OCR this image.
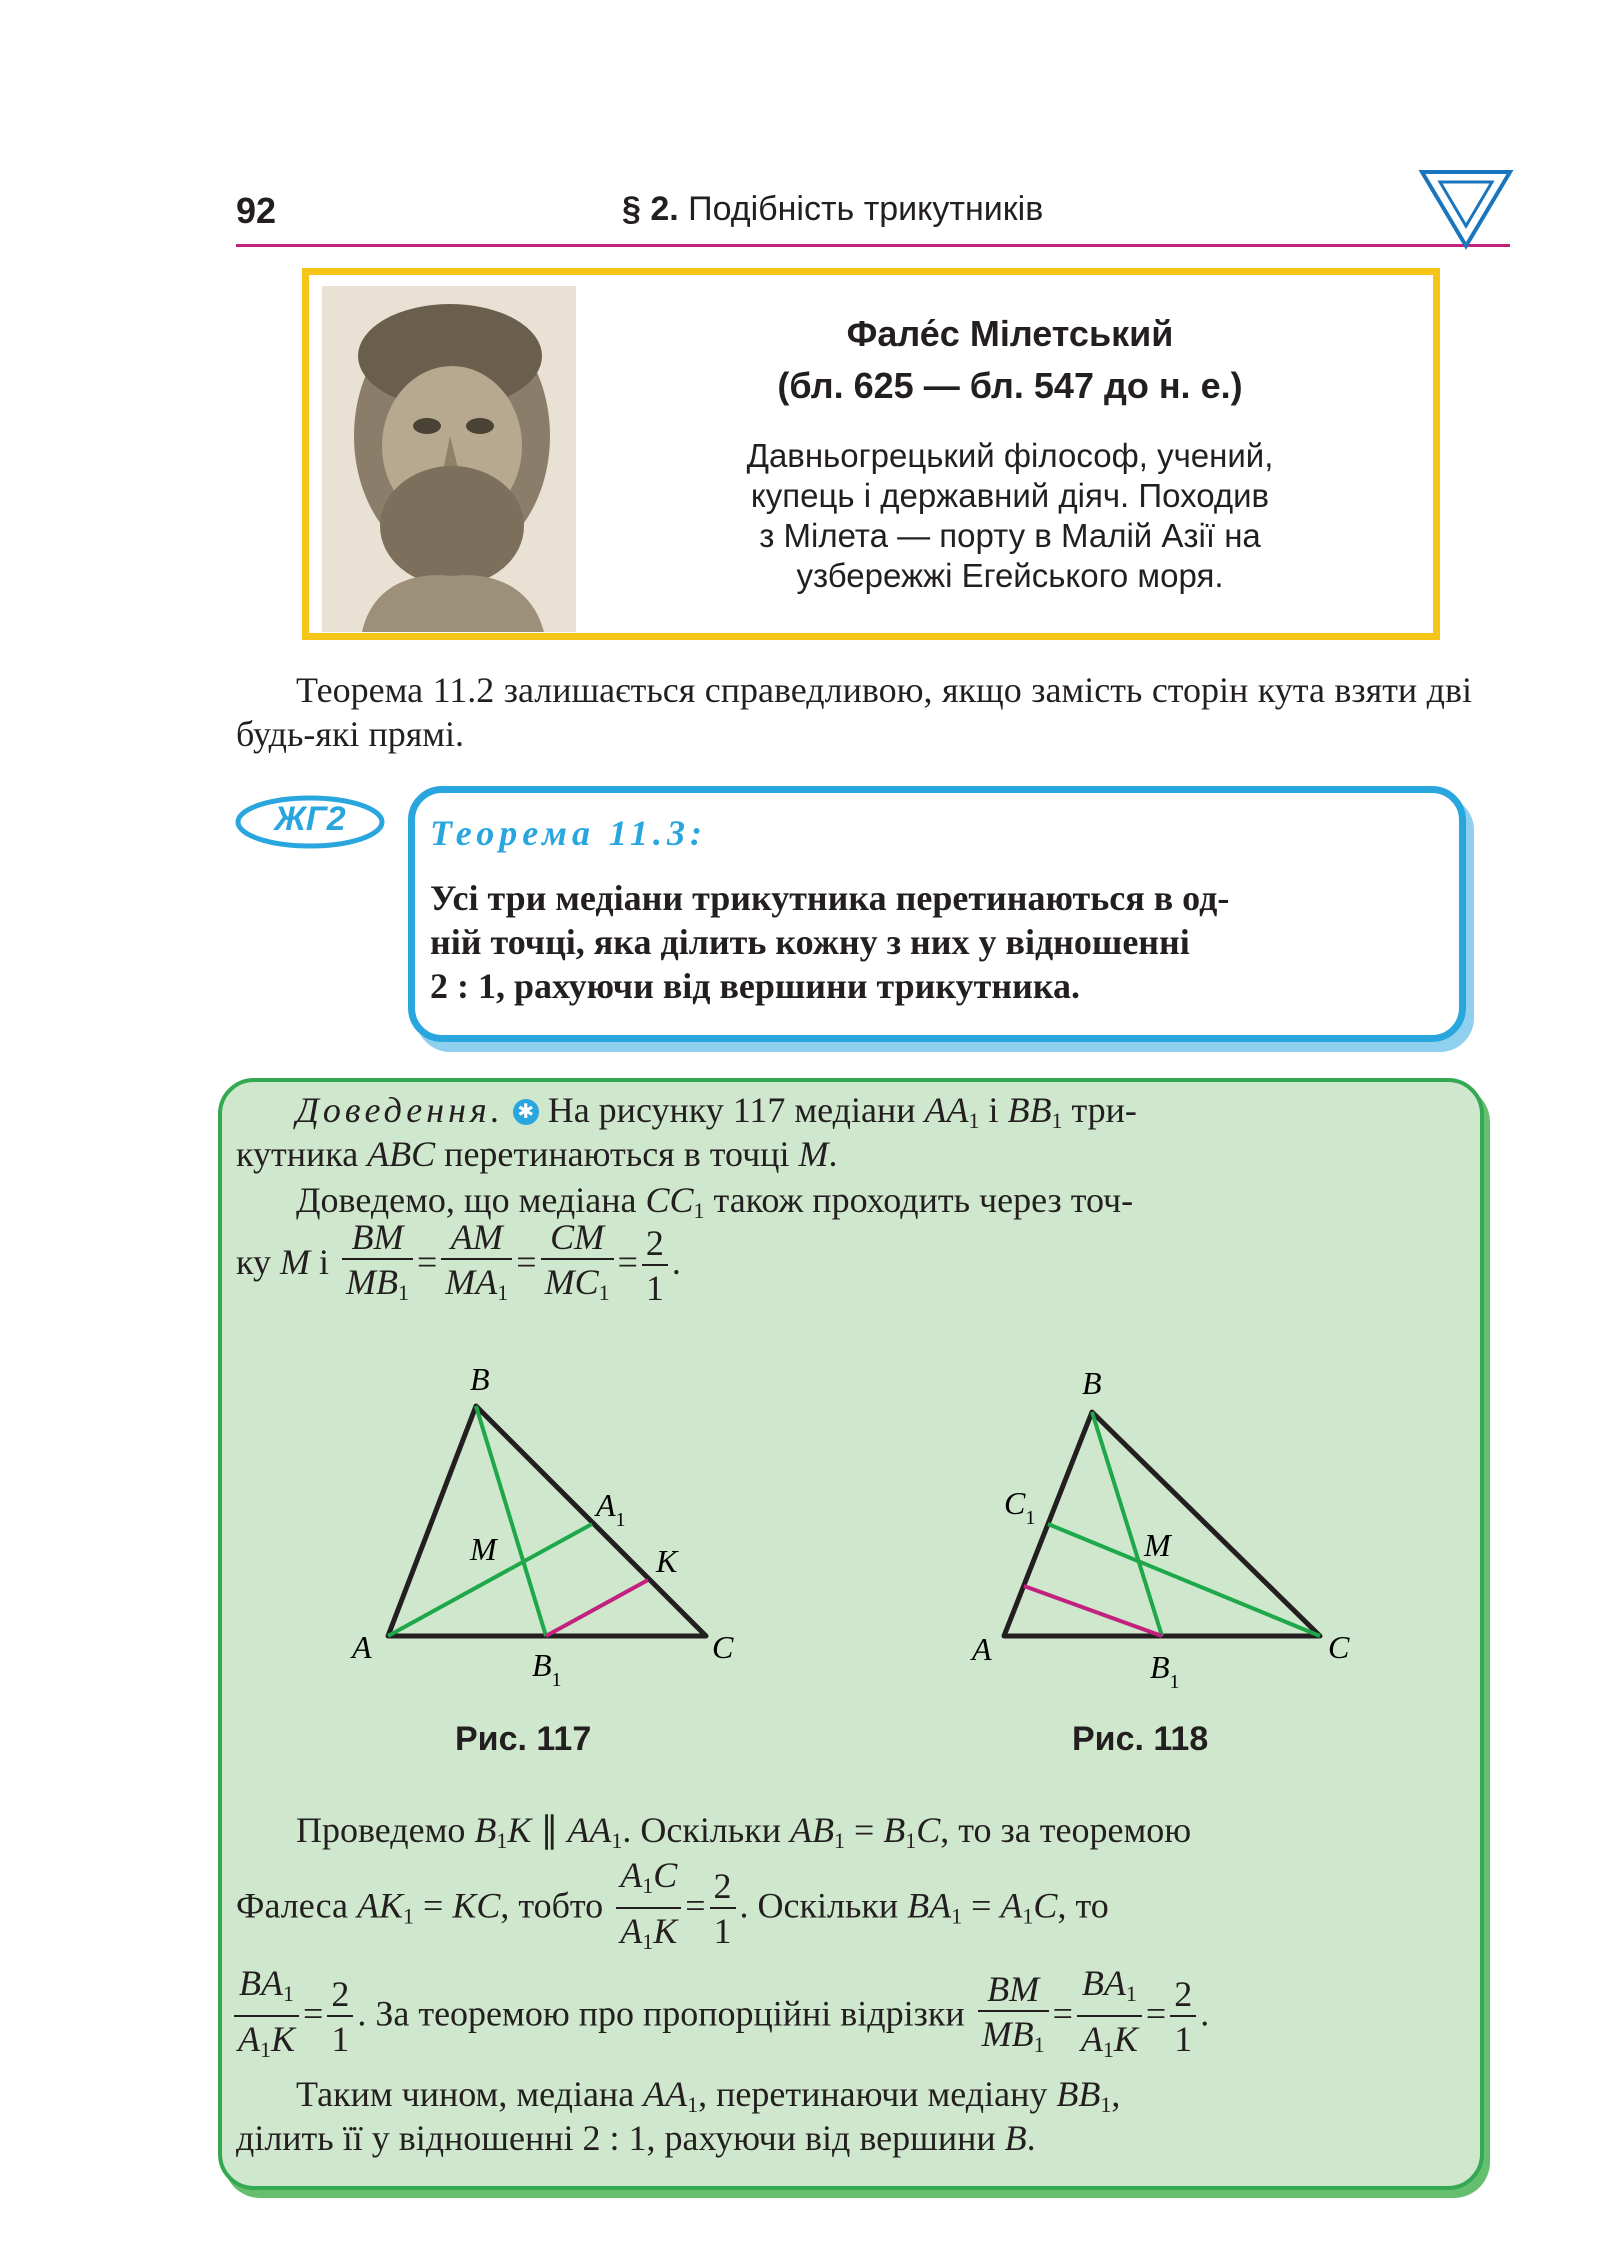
92	§ 2. Подібність трикутників
Фале́с Мілетський
(бл. 625 — бл. 547 до н. е.)
Давньогрецький філософ, учений,
купець і державний діяч. Походив
з Мілета — порту в Малій Азії на
узбережжі Егейського моря.
Теорема 11.2 залишається справедливою, якщо замість сторін кута взяти дві будь-які прямі.
ЖГ2	Теорема 11.3:
Усі три медіани трикутника перетинаються в од-
ній точці, яка ділить кожну з них у відношенні
2 : 1, рахуючи від вершини трикутника.
Доведення. ✱ На рисунку 117 медіани $AA_1$ і $BB_1$ три-
кутника ABC перетинаються в точці M.
Доведемо, що медіана $CC_1$ також проходить через точ-
ку M і $\frac{BM}{MB_1} = \frac{AM}{MA_1} = \frac{CM}{MC_1} = \frac{2}{1}$ .
B
A	C
$A_1$
M	K
$B_1$
Рис. 117
B
A	C
$C_1$
M
$B_1$
Рис. 118
Проведемо $B_1K$ ∥ $AA_1$. Оскільки $AB_1 = B_1C$, то за теоремою
Фалеса $AK_1$ = KC, тобто $\frac{A_1C}{A_1K} = \frac{2}{1}$ . Оскільки $BA_1 = A_1C$, то
$\frac{BA_1}{A_1K} = \frac{2}{1}$ . За теоремою про пропорційні відрізки $\frac{BM}{MB_1} = \frac{BA_1}{A_1K} = \frac{2}{1}$ .
Таким чином, медіана $AA_1$, перетинаючи медіану $BB_1$,
ділить її у відношенні 2 : 1, рахуючи від вершини B.
